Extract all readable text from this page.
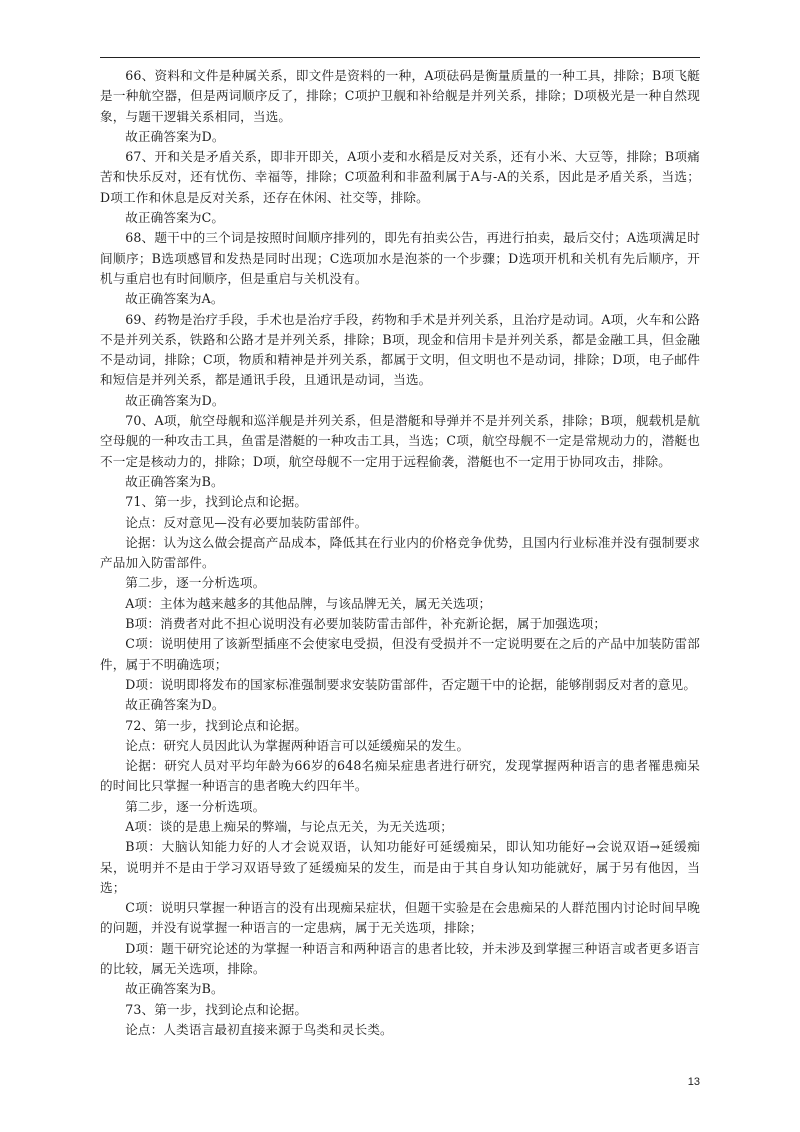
66、资料和文件是种属关系，即文件是资料的一种，A项砝码是衡量质量的一种工具，排除；B项飞艇是一种航空器，但是两词顺序反了，排除；C项护卫舰和补给舰是并列关系，排除；D项极光是一种自然现象，与题干逻辑关系相同，当选。

故正确答案为D。

67、开和关是矛盾关系，即非开即关，A项小麦和水稻是反对关系，还有小米、大豆等，排除；B项痛苦和快乐反对，还有忧伤、幸福等，排除；C项盈利和非盈利属于A与-A的关系，因此是矛盾关系，当选；D项工作和休息是反对关系，还存在休闲、社交等，排除。

故正确答案为C。

68、题干中的三个词是按照时间顺序排列的，即先有拍卖公告，再进行拍卖，最后交付；A选项满足时间顺序；B选项感冒和发热是同时出现；C选项加水是泡茶的一个步骤；D选项开机和关机有先后顺序，开机与重启也有时间顺序，但是重启与关机没有。

故正确答案为A。

69、药物是治疗手段，手术也是治疗手段，药物和手术是并列关系，且治疗是动词。A项，火车和公路不是并列关系，铁路和公路才是并列关系，排除；B项，现金和信用卡是并列关系，都是金融工具，但金融不是动词，排除；C项，物质和精神是并列关系，都属于文明，但文明也不是动词，排除；D项，电子邮件和短信是并列关系，都是通讯手段，且通讯是动词，当选。

故正确答案为D。

70、A项，航空母舰和巡洋舰是并列关系，但是潜艇和导弹并不是并列关系，排除；B项，舰载机是航空母舰的一种攻击工具，鱼雷是潜艇的一种攻击工具，当选；C项，航空母舰不一定是常规动力的，潜艇也不一定是核动力的，排除；D项，航空母舰不一定用于远程偷袭，潜艇也不一定用于协同攻击，排除。

故正确答案为B。

71、第一步，找到论点和论据。

论点：反对意见—没有必要加装防雷部件。

论据：认为这么做会提高产品成本，降低其在行业内的价格竞争优势，且国内行业标准并没有强制要求产品加入防雷部件。

第二步，逐一分析选项。

A项：主体为越来越多的其他品牌，与该品牌无关，属无关选项；

B项：消费者对此不担心说明没有必要加装防雷击部件，补充新论据，属于加强选项；

C项：说明使用了该新型插座不会使家电受损，但没有受损并不一定说明要在之后的产品中加装防雷部件，属于不明确选项；

D项：说明即将发布的国家标准强制要求安装防雷部件，否定题干中的论据，能够削弱反对者的意见。

故正确答案为D。

72、第一步，找到论点和论据。

论点：研究人员因此认为掌握两种语言可以延缓痴呆的发生。

论据：研究人员对平均年龄为66岁的648名痴呆症患者进行研究，发现掌握两种语言的患者罹患痴呆的时间比只掌握一种语言的患者晚大约四年半。

第二步，逐一分析选项。

A项：谈的是患上痴呆的弊端，与论点无关，为无关选项；

B项：大脑认知能力好的人才会说双语，认知功能好可延缓痴呆，即认知功能好→会说双语→延缓痴呆，说明并不是由于学习双语导致了延缓痴呆的发生，而是由于其自身认知功能就好，属于另有他因，当选；

C项：说明只掌握一种语言的没有出现痴呆症状，但题干实验是在会患痴呆的人群范围内讨论时间早晚的问题，并没有说掌握一种语言的一定患病，属于无关选项，排除；

D项：题干研究论述的为掌握一种语言和两种语言的患者比较，并未涉及到掌握三种语言或者更多语言的比较，属无关选项，排除。

故正确答案为B。

73、第一步，找到论点和论据。

论点：人类语言最初直接来源于鸟类和灵长类。

13
